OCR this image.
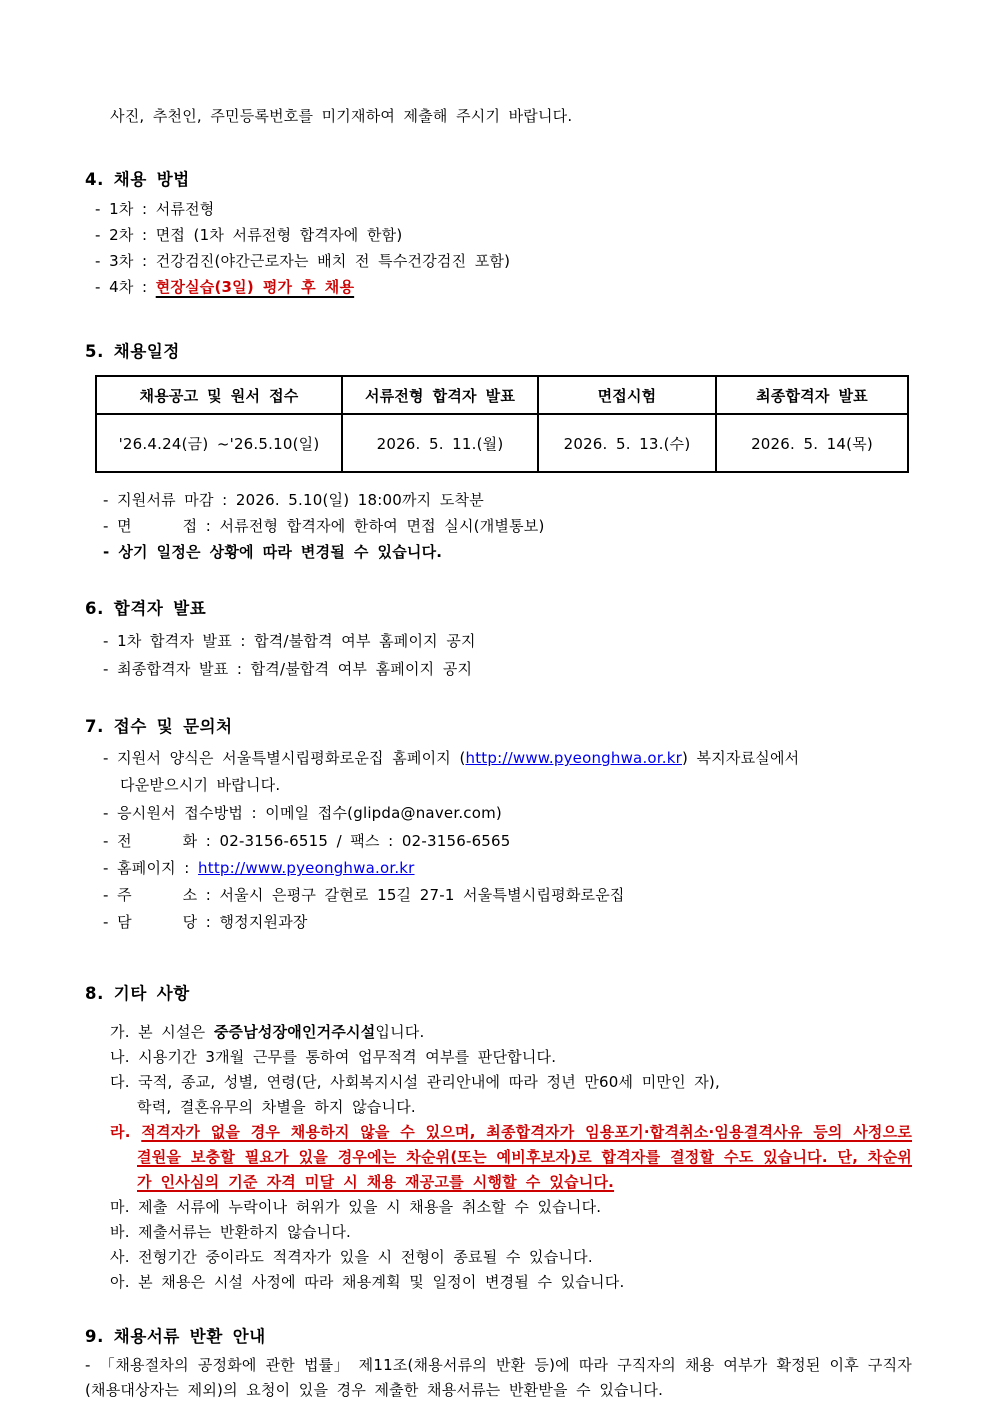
사진, 추천인, 주민등록번호를 미기재하여 제출해 주시기 바랍니다.
4. 채용 방법
- 1차 : 서류전형
- 2차 : 면접 (1차 서류전형 합격자에 한함)
- 3차 : 건강검진(야간근로자는 배치 전 특수건강검진 포함)
- 4차 : 현장실습(3일) 평가 후 채용
5. 채용일정
채용공고 및 원서 접수	서류전형 합격자 발표	면접시험	최종합격자 발표
'26.4.24(금) ~'26.5.10(일)	2026. 5. 11.(월)	2026. 5. 13.(수)	2026. 5. 14(목)
- 지원서류 마감 : 2026. 5.10(일) 18:00까지 도착분
- 면      접 : 서류전형 합격자에 한하여 면접 실시(개별통보)
- 상기 일정은 상황에 따라 변경될 수 있습니다.
6. 합격자 발표
- 1차 합격자 발표 : 합격/불합격 여부 홈페이지 공지
- 최종합격자 발표 : 합격/불합격 여부 홈페이지 공지
7. 접수 및 문의처
- 지원서 양식은 서울특별시립평화로운집 홈페이지 (http://www.pyeonghwa.or.kr) 복지자료실에서
다운받으시기 바랍니다.
- 응시원서 접수방법 : 이메일 접수(glipda@naver.com)
- 전      화 : 02-3156-6515 / 팩스 : 02-3156-6565
- 홈페이지 : http://www.pyeonghwa.or.kr
- 주      소 : 서울시 은평구 갈현로 15길 27-1 서울특별시립평화로운집
- 담      당 : 행정지원과장
8. 기타 사항
가. 본 시설은 중증남성장애인거주시설입니다.
나. 시용기간 3개월 근무를 통하여 업무적격 여부를 판단합니다.
다. 국적, 종교, 성별, 연령(단, 사회복지시설 관리안내에 따라 정년 만60세 미만인 자),
학력, 결혼유무의 차별을 하지 않습니다.
라. 적격자가 없을 경우 채용하지 않을 수 있으며, 최종합격자가 임용포기·합격취소·임용결격사유 등의 사정으로 결원을 보충할 필요가 있을 경우에는 차순위(또는 예비후보자)로 합격자를 결정할 수도 있습니다. 단, 차순위가 인사심의 기준 자격 미달 시 채용 재공고를 시행할 수 있습니다.
마. 제출 서류에 누락이나 허위가 있을 시 채용을 취소할 수 있습니다.
바. 제출서류는 반환하지 않습니다.
사. 전형기간 중이라도 적격자가 있을 시 전형이 종료될 수 있습니다.
아. 본 채용은 시설 사정에 따라 채용계획 및 일정이 변경될 수 있습니다.
9. 채용서류 반환 안내
- 「채용절차의 공정화에 관한 법률」 제11조(채용서류의 반환 등)에 따라 구직자의 채용 여부가 확정된 이후 구직자(채용대상자는 제외)의 요청이 있을 경우 제출한 채용서류는 반환받을 수 있습니다.
